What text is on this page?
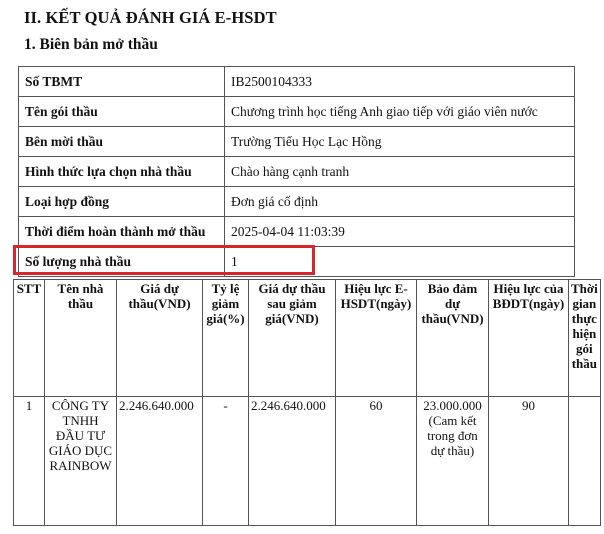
II. KẾT QUẢ ĐÁNH GIÁ E-HSDT
1. Biên bản mở thầu
Số TBMT	IB2500104333
Tên gói thầu	Chương trình học tiếng Anh giao tiếp với giáo viên nước
Bên mời thầu	Trường Tiểu Học Lạc Hồng
Hình thức lựa chọn nhà thầu	Chào hàng cạnh tranh
Loại hợp đồng	Đơn giá cố định
Thời điểm hoàn thành mở thầu	2025-04-04 11:03:39
Số lượng nhà thầu	1
STT	Tên nhà thầu	Giá dự thầu(VND)	Tỷ lệ giảm giá(%)	Giá dự thầu sau giảm giá(VND)	Hiệu lực E-HSDT(ngày)	Bảo đảm dự thầu(VND)	Hiệu lực của BĐDT(ngày)	Thời gian thực hiện gói thầu
1	CÔNG TY TNHH ĐẦU TƯ GIÁO DỤC RAINBOW	2.246.640.000	-	2.246.640.000	60	23.000.000 (Cam kết trong đơn dự thầu)	90	
